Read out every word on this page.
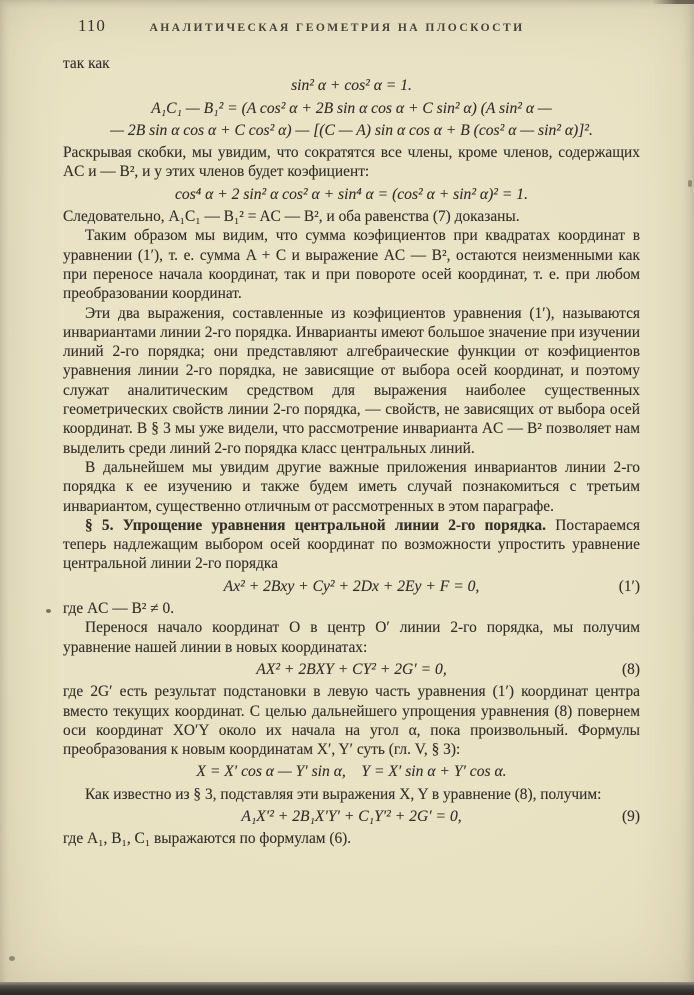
110	АНАЛИТИЧЕСКАЯ ГЕОМЕТРИЯ НА ПЛОСКОСТИ

так как

sin² α + cos² α = 1.
A₁C₁ — B₁² = (A cos² α + 2B sin α cos α + C sin² α) (A sin² α —
— 2B sin α cos α + C cos² α) — [(C — A) sin α cos α + B (cos² α — sin² α)]².

Раскрывая скобки, мы увидим, что сократятся все члены, кроме членов, содержащих AC и — B², и у этих членов будет коэфициент:

cos⁴ α + 2 sin² α cos² α + sin⁴ α = (cos² α + sin² α)² = 1.

Следовательно, A₁C₁ — B₁² = AC — B², и оба равенства (7) доказаны.

Таким образом мы видим, что сумма коэфициентов при квадратах координат в уравнении (1′), т. е. сумма A + C и выражение AC — B², остаются неизменными как при переносе начала координат, так и при повороте осей координат, т. е. при любом преобразовании координат.

Эти два выражения, составленные из коэфициентов уравнения (1′), называются инвариантами линии 2-го порядка. Инварианты имеют большое значение при изучении линий 2-го порядка; они представляют алгебраические функции от коэфициентов уравнения линии 2-го порядка, не зависящие от выбора осей координат, и поэтому служат аналитическим средством для выражения наиболее существенных геометрических свойств линии 2-го порядка, — свойств, не зависящих от выбора осей координат. В § 3 мы уже видели, что рассмотрение инварианта AC — B² позволяет нам выделить среди линий 2-го порядка класс центральных линий.

В дальнейшем мы увидим другие важные приложения инвариантов линии 2-го порядка к ее изучению и также будем иметь случай познакомиться с третьим инвариантом, существенно отличным от рассмотренных в этом параграфе.

§ 5. Упрощение уравнения центральной линии 2-го порядка. Постараемся теперь надлежащим выбором осей координат по возможности упростить уравнение центральной линии 2-го порядка

Ax² + 2Bxy + Cy² + 2Dx + 2Ey + F = 0,	(1′)

где AC — B² ≠ 0.

Перенося начало координат O в центр O′ линии 2-го порядка, мы получим уравнение нашей линии в новых координатах:

AX² + 2BXY + CY² + 2G′ = 0,	(8)

где 2G′ есть результат подстановки в левую часть уравнения (1′) координат центра вместо текущих координат. С целью дальнейшего упрощения уравнения (8) повернем оси координат XO′Y около их начала на угол α, пока произвольный. Формулы преобразования к новым координатам X′, Y′ суть (гл. V, § 3):

X = X′ cos α — Y′ sin α, Y = X′ sin α + Y′ cos α.

Как известно из § 3, подставляя эти выражения X, Y в уравнение (8), получим:

A₁X′² + 2B₁X′Y′ + C₁Y′² + 2G′ = 0,	(9)

где A₁, B₁, C₁ выражаются по формулам (6).
